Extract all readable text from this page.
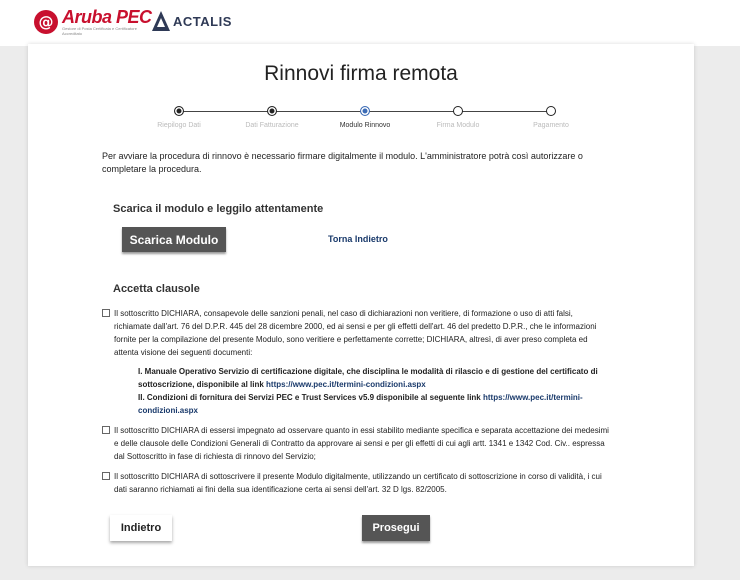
@ Aruba PEC
Gestore di Posta Certificata e Certificatore Accreditato
ACTALIS
Rinnovi firma remota
Riepilogo Dati	Dati Fatturazione	Modulo Rinnovo	Firma Modulo	Pagamento
Per avviare la procedura di rinnovo è necessario firmare digitalmente il modulo. L'amministratore potrà così autorizzare o completare la procedura.
Scarica il modulo e leggilo attentamente
Scarica Modulo	Torna Indietro
Accetta clausole
Il sottoscritto DICHIARA, consapevole delle sanzioni penali, nel caso di dichiarazioni non veritiere, di formazione o uso di atti falsi, richiamate dall'art. 76 del D.P.R. 445 del 28 dicembre 2000, ed ai sensi e per gli effetti dell'art. 46 del predetto D.P.R., che le informazioni fornite per la compilazione del presente Modulo, sono veritiere e perfettamente corrette; DICHIARA, altresì, di aver preso completa ed attenta visione dei seguenti documenti:
I. Manuale Operativo Servizio di certificazione digitale, che disciplina le modalità di rilascio e di gestione del certificato di sottoscrizione, disponibile al link https://www.pec.it/termini-condizioni.aspx
II. Condizioni di fornitura dei Servizi PEC e Trust Services v5.9 disponibile al seguente link https://www.pec.it/termini-condizioni.aspx
Il sottoscritto DICHIARA di essersi impegnato ad osservare quanto in essi stabilito mediante specifica e separata accettazione dei medesimi e delle clausole delle Condizioni Generali di Contratto da approvare ai sensi e per gli effetti di cui agli artt. 1341 e 1342 Cod. Civ.. espressa dal Sottoscritto in fase di richiesta di rinnovo del Servizio;
Il sottoscritto DICHIARA di sottoscrivere il presente Modulo digitalmente, utilizzando un certificato di sottoscrizione in corso di validità, i cui dati saranno richiamati ai fini della sua identificazione certa ai sensi dell'art. 32 D lgs. 82/2005.
Indietro	Prosegui
